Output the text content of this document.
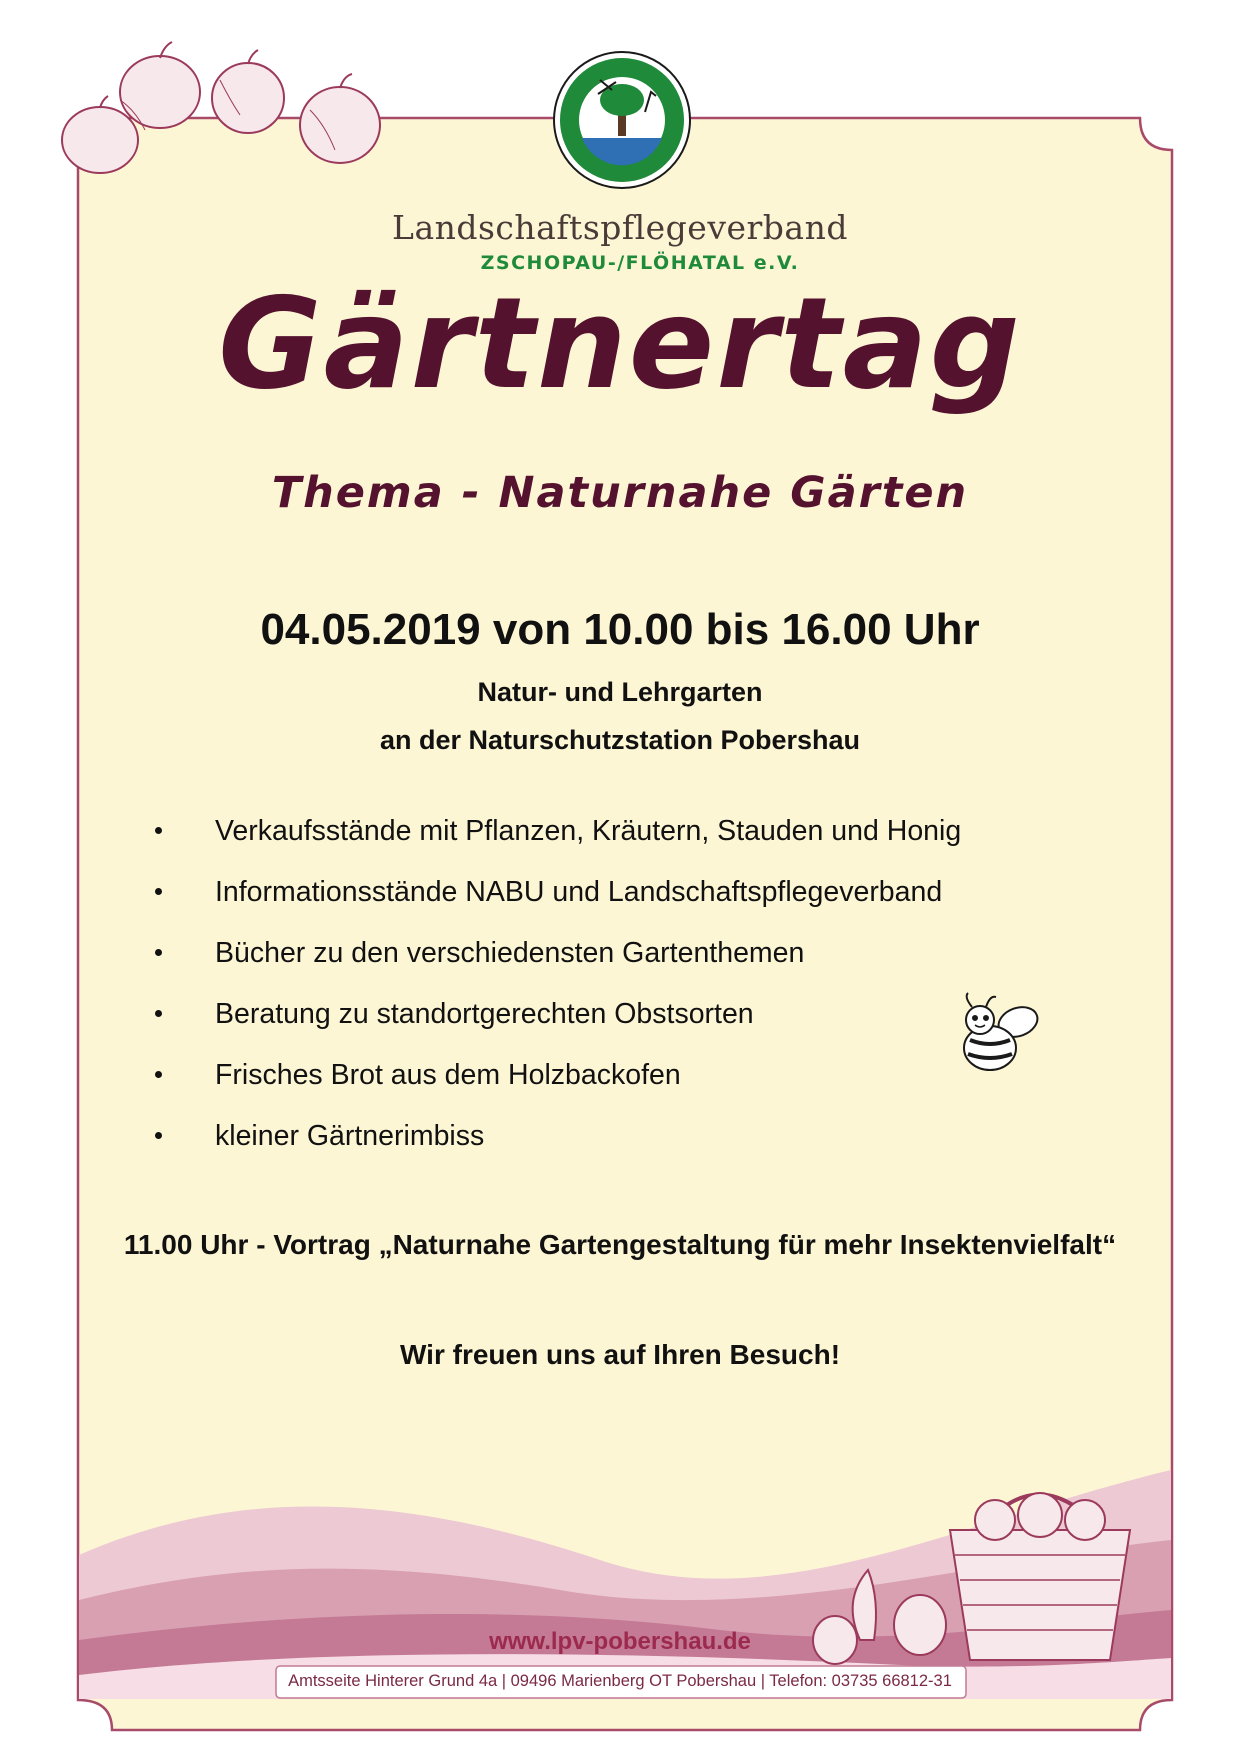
Landschaftspflegeverband
ZSCHOPAU-/FLÖHATAL e.V.
Gärtnertag
Thema - Naturnahe Gärten
04.05.2019 von 10.00 bis 16.00 Uhr
Natur- und Lehrgarten
an der Naturschutzstation Pobershau
Verkaufsstände mit Pflanzen, Kräutern, Stauden und Honig
Informationsstände NABU und Landschaftspflegeverband
Bücher zu den verschiedensten Gartenthemen
Beratung zu standortgerechten Obstsorten
Frisches Brot aus dem Holzbackofen
kleiner Gärtnerimbiss
11.00 Uhr - Vortrag „Naturnahe Gartengestaltung für mehr Insektenvielfalt“
Wir freuen uns auf Ihren Besuch!
www.lpv-pobershau.de
Amtsseite Hinterer Grund 4a | 09496 Marienberg OT Pobershau | Telefon: 03735 66812-31
